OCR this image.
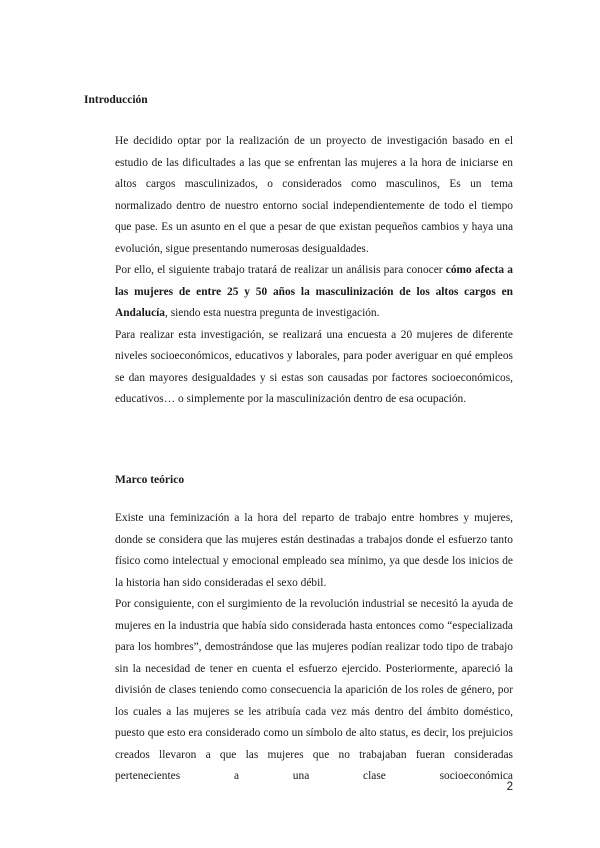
Introducción

He decidido optar por la realización de un proyecto de investigación basado en el estudio de las dificultades a las que se enfrentan las mujeres a la hora de iniciarse en altos cargos masculinizados, o considerados como masculinos, Es un tema normalizado dentro de nuestro entorno social independientemente de todo el tiempo que pase. Es un asunto en el que a pesar de que existan pequeños cambios y haya una evolución, sigue presentando numerosas desigualdades.

Por ello, el siguiente trabajo tratará de realizar un análisis para conocer cómo afecta a las mujeres de entre 25 y 50 años la masculinización de los altos cargos en Andalucía, siendo esta nuestra pregunta de investigación.

Para realizar esta investigación, se realizará una encuesta a 20 mujeres de diferente niveles socioeconómicos, educativos y laborales, para poder averiguar en qué empleos se dan mayores desigualdades y si estas son causadas por factores socioeconómicos, educativos… o simplemente por la masculinización dentro de esa ocupación.

Marco teórico

Existe una feminización a la hora del reparto de trabajo entre hombres y mujeres, donde se considera que las mujeres están destinadas a trabajos donde el esfuerzo tanto físico como intelectual y emocional empleado sea mínimo, ya que desde los inicios de la historia han sido consideradas el sexo débil.

Por consiguiente, con el surgimiento de la revolución industrial se necesitó la ayuda de mujeres en la industria que había sido considerada hasta entonces como “especializada para los hombres”, demostrándose que las mujeres podían realizar todo tipo de trabajo sin la necesidad de tener en cuenta el esfuerzo ejercido. Posteriormente, apareció la división de clases teniendo como consecuencia la aparición de los roles de género, por los cuales a las mujeres se les atribuía cada vez más dentro del ámbito doméstico, puesto que esto era considerado como un símbolo de alto status, es decir, los prejuicios creados llevaron a que las mujeres que no trabajaban fueran consideradas pertenecientes a una clase socioeconómica

2
